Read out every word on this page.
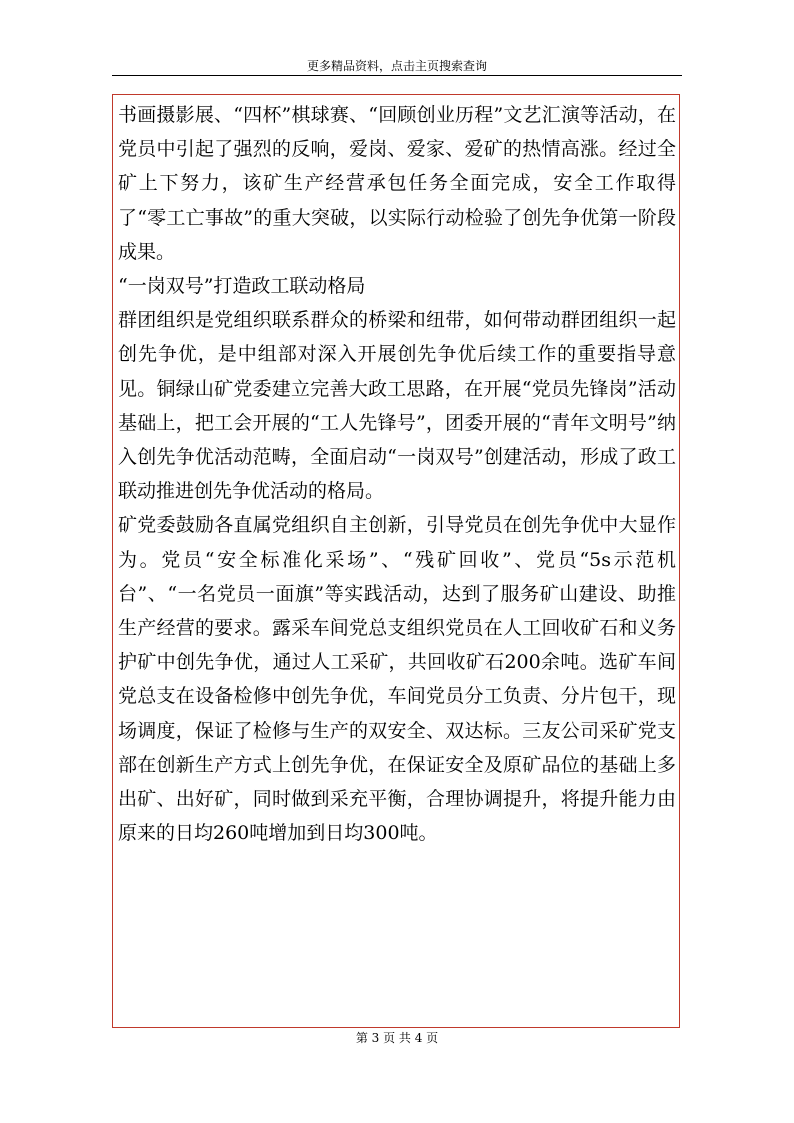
更多精品资料，点击主页搜索查询

书画摄影展、“四杯”棋球赛、“回顾创业历程”文艺汇演等活动，在党员中引起了强烈的反响，爱岗、爱家、爱矿的热情高涨。经过全矿上下努力，该矿生产经营承包任务全面完成，安全工作取得了“零工亡事故”的重大突破，以实际行动检验了创先争优第一阶段成果。

“一岗双号”打造政工联动格局

群团组织是党组织联系群众的桥梁和纽带，如何带动群团组织一起创先争优，是中组部对深入开展创先争优后续工作的重要指导意见。铜绿山矿党委建立完善大政工思路，在开展“党员先锋岗”活动基础上，把工会开展的“工人先锋号”，团委开展的“青年文明号”纳入创先争优活动范畴，全面启动“一岗双号”创建活动，形成了政工联动推进创先争优活动的格局。

矿党委鼓励各直属党组织自主创新，引导党员在创先争优中大显作为。党员“安全标准化采场”、“残矿回收”、党员“5s示范机台”、“一名党员一面旗”等实践活动，达到了服务矿山建设、助推生产经营的要求。露采车间党总支组织党员在人工回收矿石和义务护矿中创先争优，通过人工采矿，共回收矿石200余吨。选矿车间党总支在设备检修中创先争优，车间党员分工负责、分片包干，现场调度，保证了检修与生产的双安全、双达标。三友公司采矿党支部在创新生产方式上创先争优，在保证安全及原矿品位的基础上多出矿、出好矿，同时做到采充平衡，合理协调提升，将提升能力由原来的日均260吨增加到日均300吨。

第 3 页 共 4 页
